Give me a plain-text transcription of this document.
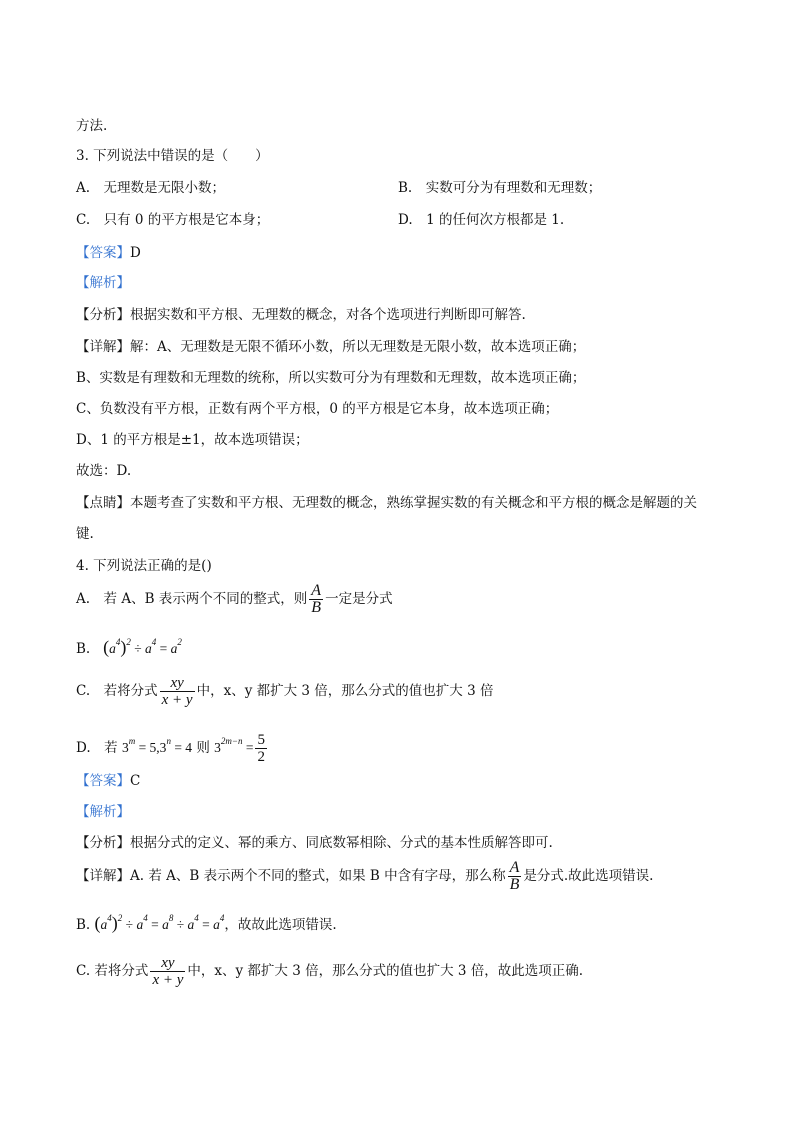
方法.
3. 下列说法中错误的是（　　）
A.　无理数是无限小数；	B.　实数可分为有理数和无理数；
C.　只有 0 的平方根是它本身；	D.　1 的任何次方根都是 1.
【答案】D
【解析】
【分析】根据实数和平方根、无理数的概念，对各个选项进行判断即可解答.
【详解】解：A、无理数是无限不循环小数，所以无理数是无限小数，故本选项正确；
B、实数是有理数和无理数的统称，所以实数可分为有理数和无理数，故本选项正确；
C、负数没有平方根，正数有两个平方根，0 的平方根是它本身，故本选项正确；
D、1 的平方根是±1，故本选项错误；
故选：D.
【点睛】本题考查了实数和平方根、无理数的概念，熟练掌握实数的有关概念和平方根的概念是解题的关
键.
4. 下列说法正确的是()
A.　若 A、B 表示两个不同的整式，则 $\frac{A}{B}$ 一定是分式
B. $(a^4)^2 \div a^4 = a^2$
C.　若将分式 $\frac{xy}{x + y}$ 中，x、y 都扩大 3 倍，那么分式的值也扩大 3 倍
D.　若 $3^m = 5,3^n = 4$ 则 $3^{2m-n} = \frac{5}{2}$
【答案】C
【解析】
【分析】根据分式的定义、幂的乘方、同底数幂相除、分式的基本性质解答即可.
【详解】A. 若 A、B 表示两个不同的整式，如果 B 中含有字母，那么称 $\frac{A}{B}$ 是分式.故此选项错误.
B. $(a^4)^2 \div a^4 = a^8 \div a^4 = a^4$，故故此选项错误.
C. 若将分式 $\frac{xy}{x + y}$ 中，x、y 都扩大 3 倍，那么分式的值也扩大 3 倍，故此选项正确.
